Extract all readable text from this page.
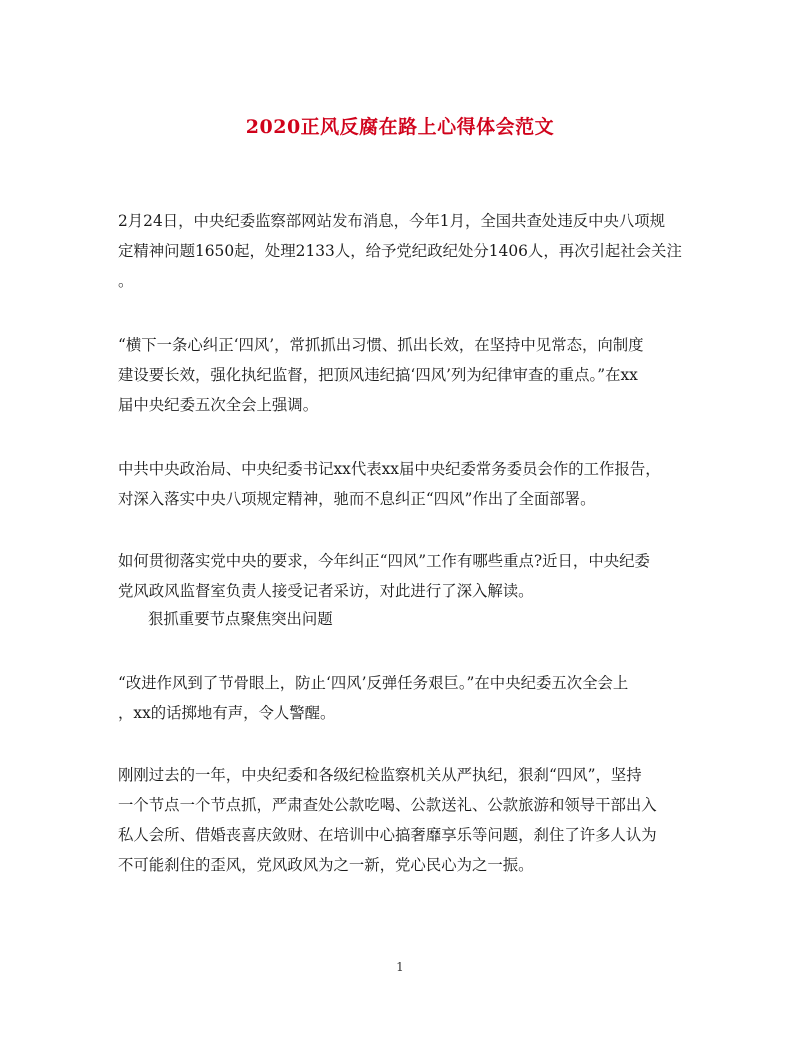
2020正风反腐在路上心得体会范文
2月24日，中央纪委监察部网站发布消息，今年1月，全国共查处违反中央八项规
定精神问题1650起，处理2133人，给予党纪政纪处分1406人，再次引起社会关注
。
“横下一条心纠正‘四风’，常抓抓出习惯、抓出长效，在坚持中见常态，向制度
建设要长效，强化执纪监督，把顶风违纪搞‘四风’列为纪律审查的重点。”在xx
届中央纪委五次全会上强调。
中共中央政治局、中央纪委书记xx代表xx届中央纪委常务委员会作的工作报告，
对深入落实中央八项规定精神，驰而不息纠正“四风”作出了全面部署。
如何贯彻落实党中央的要求，今年纠正“四风”工作有哪些重点?近日，中央纪委
党风政风监督室负责人接受记者采访，对此进行了深入解读。
狠抓重要节点聚焦突出问题
“改进作风到了节骨眼上，防止‘四风’反弹任务艰巨。”在中央纪委五次全会上
，xx的话掷地有声，令人警醒。
刚刚过去的一年，中央纪委和各级纪检监察机关从严执纪，狠刹“四风”，坚持
一个节点一个节点抓，严肃查处公款吃喝、公款送礼、公款旅游和领导干部出入
私人会所、借婚丧喜庆敛财、在培训中心搞奢靡享乐等问题，刹住了许多人认为
不可能刹住的歪风，党风政风为之一新，党心民心为之一振。
1
